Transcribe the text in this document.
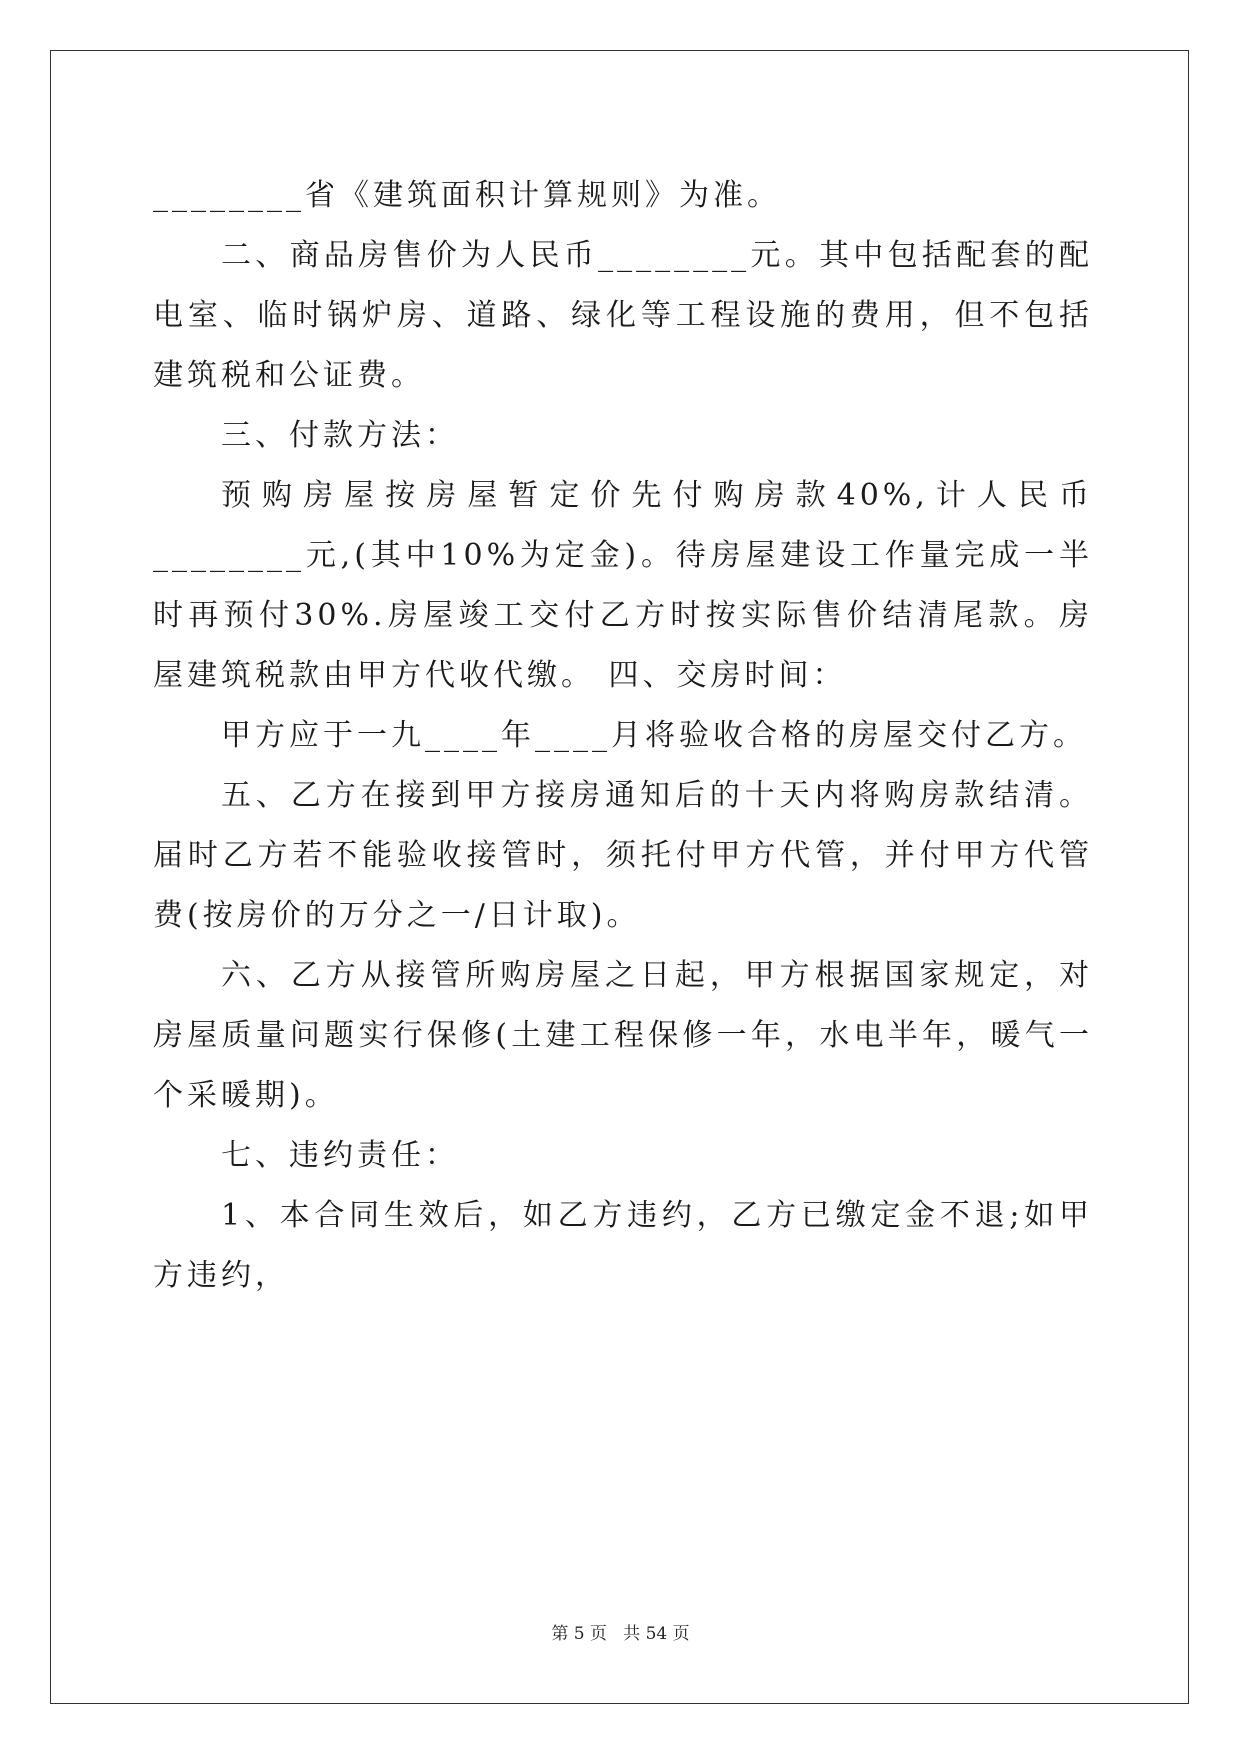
________省《建筑面积计算规则》为准。

二、商品房售价为人民币________元。其中包括配套的配电室、临时锅炉房、道路、绿化等工程设施的费用，但不包括建筑税和公证费。

三、付款方法：

预购房屋按房屋暂定价先付购房款40%,计人民币________元,(其中10%为定金)。待房屋建设工作量完成一半时再预付30%.房屋竣工交付乙方时按实际售价结清尾款。房屋建筑税款由甲方代收代缴。 四、交房时间：

甲方应于一九____年____月将验收合格的房屋交付乙方。

五、乙方在接到甲方接房通知后的十天内将购房款结清。届时乙方若不能验收接管时，须托付甲方代管，并付甲方代管费(按房价的万分之一/日计取)。

六、乙方从接管所购房屋之日起，甲方根据国家规定，对房屋质量问题实行保修(土建工程保修一年，水电半年，暖气一个采暖期)。

七、违约责任：

1、本合同生效后，如乙方违约，乙方已缴定金不退;如甲方违约，

第 5 页   共 54 页
